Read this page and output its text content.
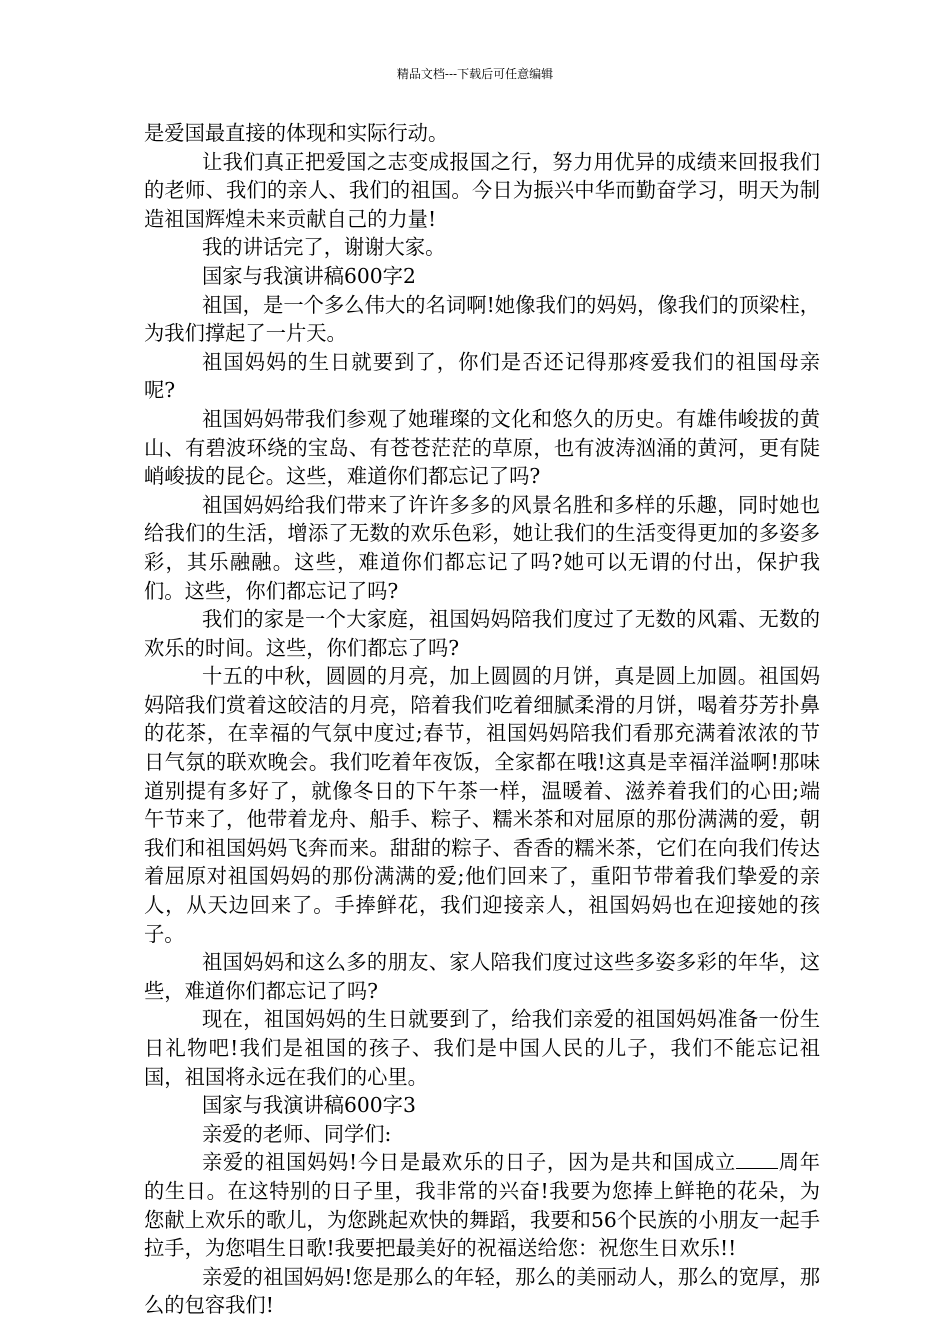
精品文档---下载后可任意编辑

是爱国最直接的体现和实际行动。

让我们真正把爱国之志变成报国之行，努力用优异的成绩来回报我们的老师、我们的亲人、我们的祖国。今日为振兴中华而勤奋学习，明天为制造祖国辉煌未来贡献自己的力量!

我的讲话完了，谢谢大家。

国家与我演讲稿600字2

祖国，是一个多么伟大的名词啊!她像我们的妈妈，像我们的顶梁柱，为我们撑起了一片天。

祖国妈妈的生日就要到了，你们是否还记得那疼爱我们的祖国母亲呢?

祖国妈妈带我们参观了她璀璨的文化和悠久的历史。有雄伟峻拔的黄山、有碧波环绕的宝岛、有苍苍茫茫的草原，也有波涛汹涌的黄河，更有陡峭峻拔的昆仑。这些，难道你们都忘记了吗?

祖国妈妈给我们带来了许许多多的风景名胜和多样的乐趣，同时她也给我们的生活，增添了无数的欢乐色彩，她让我们的生活变得更加的多姿多彩，其乐融融。这些，难道你们都忘记了吗?她可以无谓的付出，保护我们。这些，你们都忘记了吗?

我们的家是一个大家庭，祖国妈妈陪我们度过了无数的风霜、无数的欢乐的时间。这些，你们都忘了吗?

十五的中秋，圆圆的月亮，加上圆圆的月饼，真是圆上加圆。祖国妈妈陪我们赏着这皎洁的月亮，陪着我们吃着细腻柔滑的月饼，喝着芬芳扑鼻的花茶，在幸福的气氛中度过;春节，祖国妈妈陪我们看那充满着浓浓的节日气氛的联欢晚会。我们吃着年夜饭，全家都在哦!这真是幸福洋溢啊!那味道别提有多好了，就像冬日的下午茶一样，温暖着、滋养着我们的心田;端午节来了，他带着龙舟、船手、粽子、糯米茶和对屈原的那份满满的爱，朝我们和祖国妈妈飞奔而来。甜甜的粽子、香香的糯米茶，它们在向我们传达着屈原对祖国妈妈的那份满满的爱;他们回来了，重阳节带着我们挚爱的亲人，从天边回来了。手捧鲜花，我们迎接亲人，祖国妈妈也在迎接她的孩子。

祖国妈妈和这么多的朋友、家人陪我们度过这些多姿多彩的年华，这些，难道你们都忘记了吗?

现在，祖国妈妈的生日就要到了，给我们亲爱的祖国妈妈准备一份生日礼物吧!我们是祖国的孩子、我们是中国人民的儿子，我们不能忘记祖国，祖国将永远在我们的心里。

国家与我演讲稿600字3

亲爱的老师、同学们:

亲爱的祖国妈妈!今日是最欢乐的日子，因为是共和国成立 周年的生日。在这特别的日子里，我非常的兴奋!我要为您捧上鲜艳的花朵，为您献上欢乐的歌儿，为您跳起欢快的舞蹈，我要和56个民族的小朋友一起手拉手，为您唱生日歌!我要把最美好的祝福送给您：祝您生日欢乐!!

亲爱的祖国妈妈!您是那么的年轻，那么的美丽动人，那么的宽厚，那么的包容我们!
